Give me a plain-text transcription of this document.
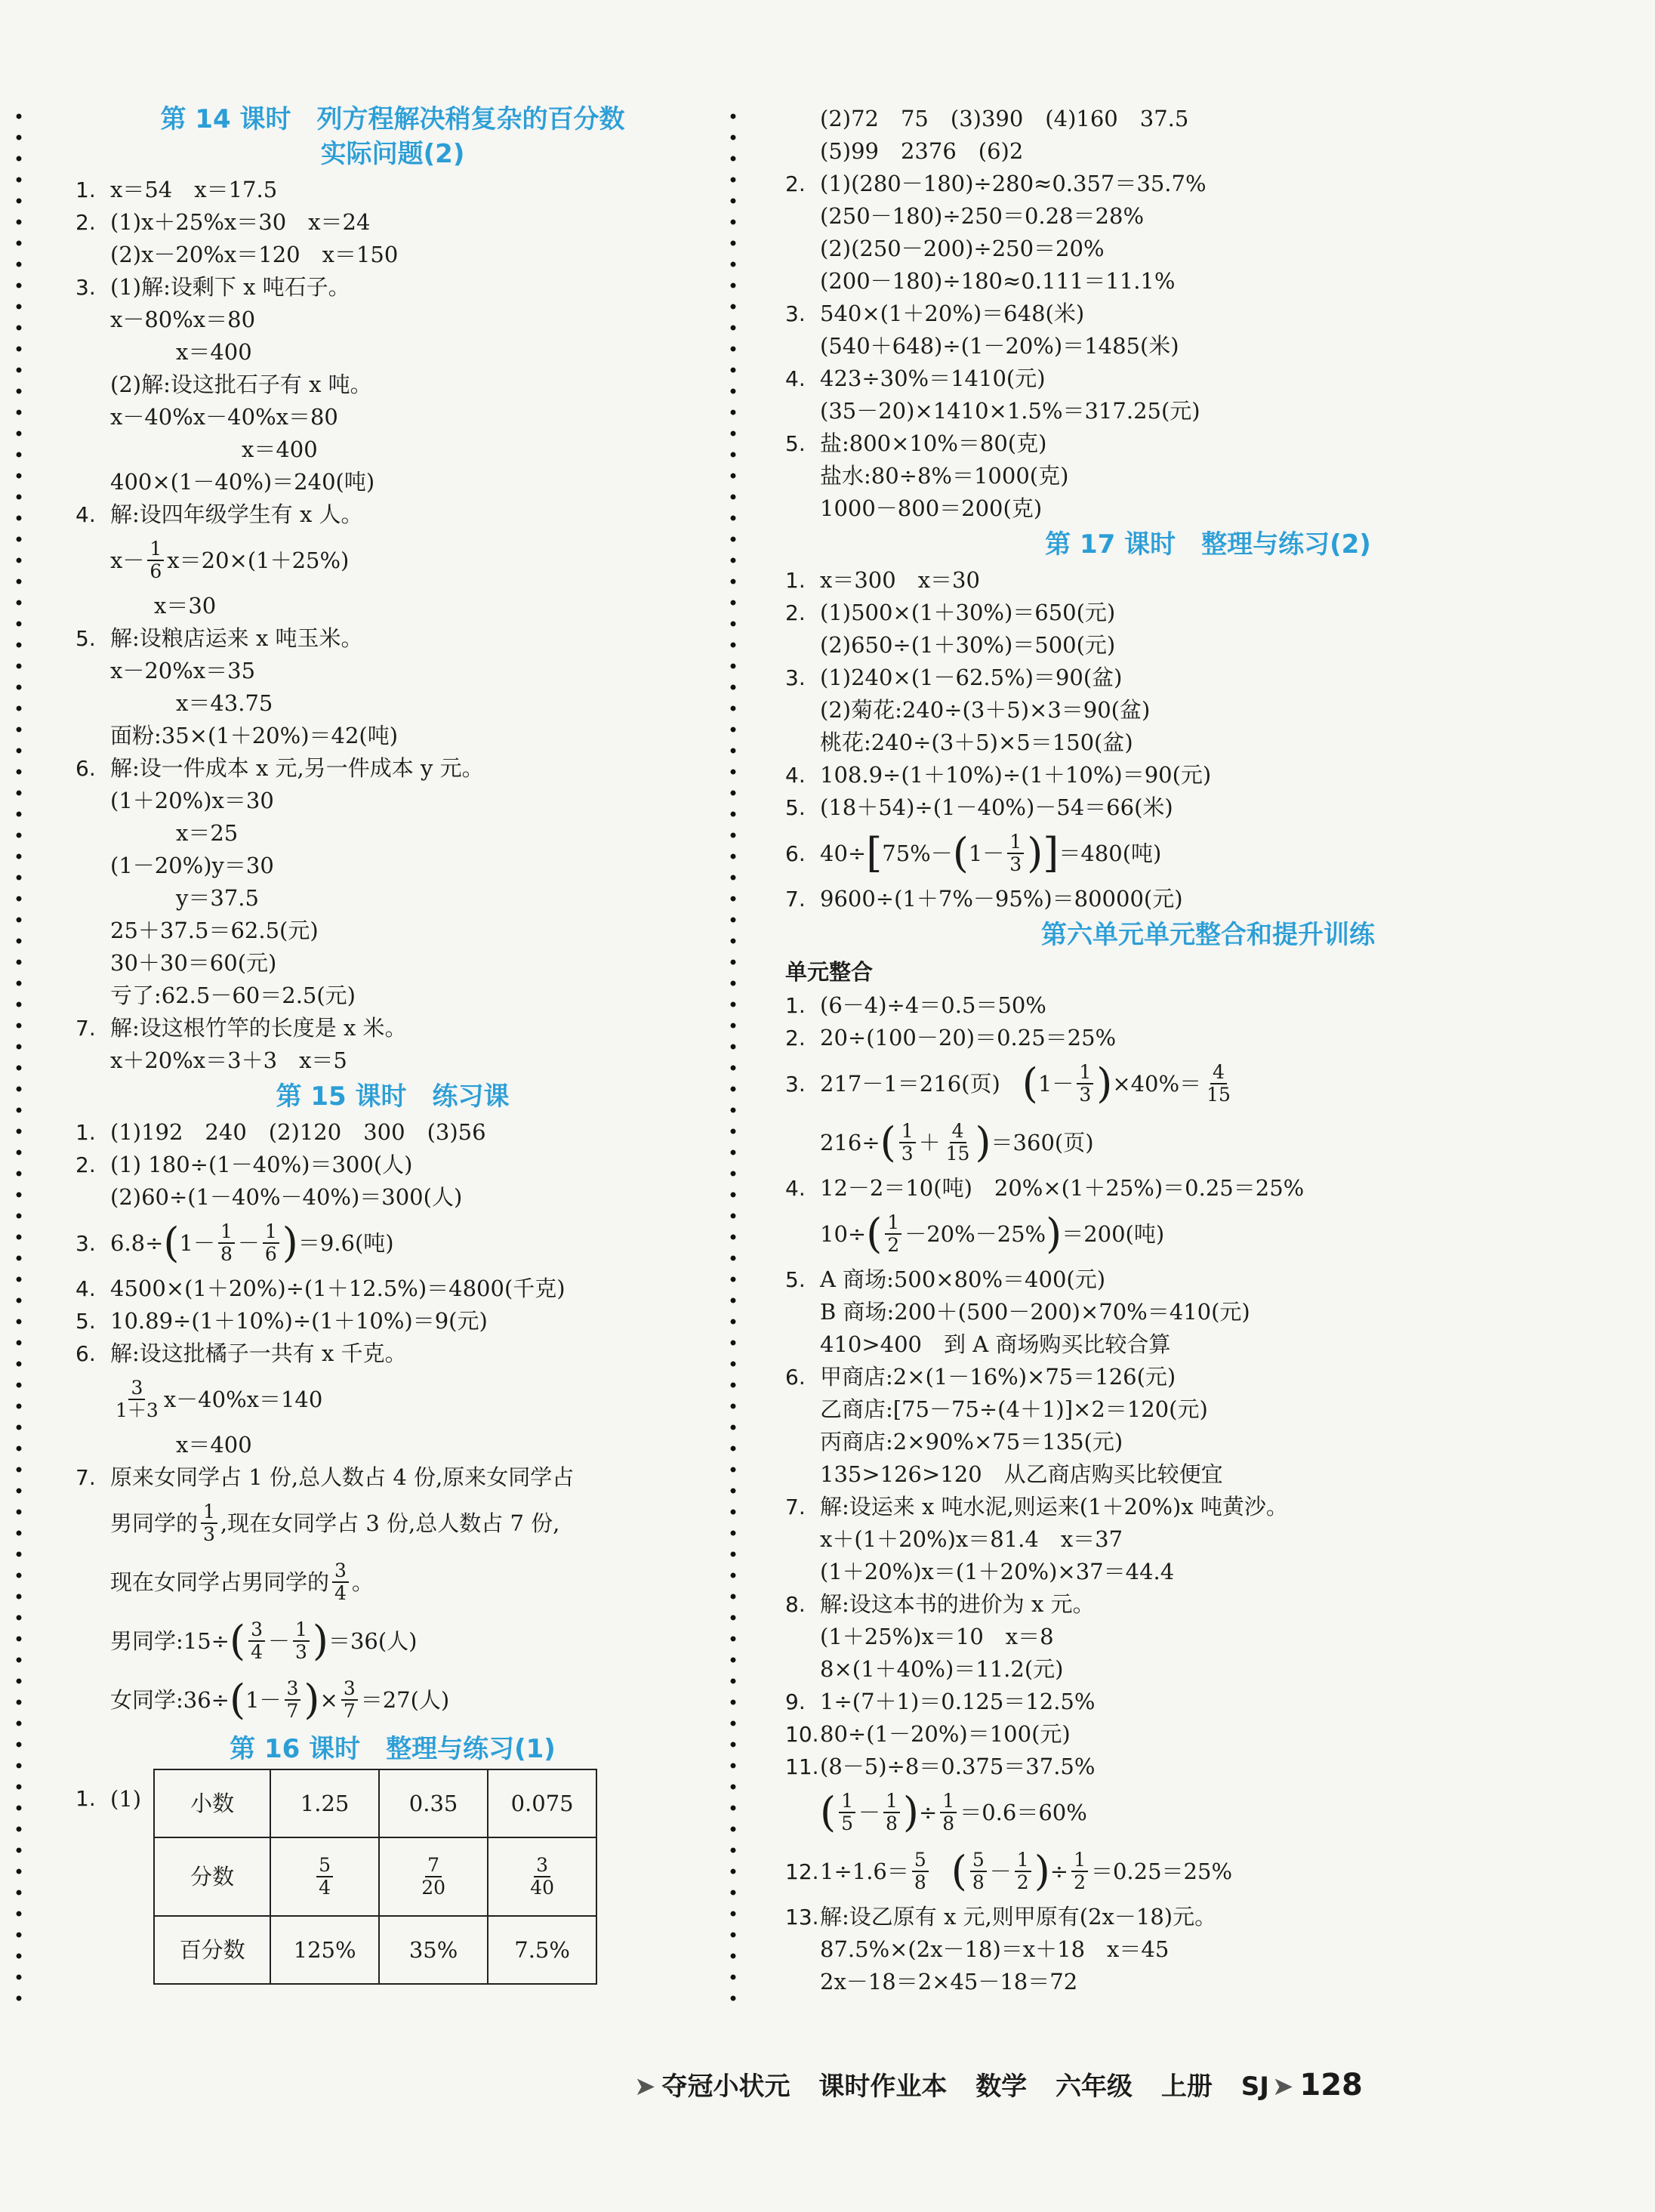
第 14 课时　列方程解决稍复杂的百分数
实际问题(2)
1. x＝54　x＝17.5
2. (1)x＋25%x＝30　x＝24
(2)x－20%x＝120　x＝150
3. (1)解:设剩下 x 吨石子。
x－80%x＝80
　　　x＝400
(2)解:设这批石子有 x 吨。
x－40%x－40%x＝80
　　　　　　x＝400
400×(1－40%)＝240(吨)
4. 解:设四年级学生有 x 人。
$x- \frac{1}{6} x=20\times(1+25\%)$
　　x＝30
5. 解:设粮店运来 x 吨玉米。
x－20%x＝35
　　　x＝43.75
面粉:35×(1＋20%)＝42(吨)
6. 解:设一件成本 x 元,另一件成本 y 元。
(1＋20%)x＝30
　　　x＝25
(1－20%)y＝30
　　　y＝37.5
25＋37.5＝62.5(元)
30＋30＝60(元)
亏了:62.5－60＝2.5(元)
7. 解:设这根竹竿的长度是 x 米。
x＋20%x＝3＋3　x＝5
第 15 课时　练习课
1. (1)192　240　(2)120　300　(3)56
2. (1) 180÷(1－40%)＝300(人)
(2)60÷(1－40%－40%)＝300(人)
3. 6.8÷ ( $1- \frac{1}{8} - \frac{1}{6}$ ) ＝9.6(吨)
4. 4500×(1＋20%)÷(1＋12.5%)＝4800(千克)
5. 10.89÷(1＋10%)÷(1＋10%)＝9(元)
6. 解:设这批橘子一共有 x 千克。
$\frac{3}{1+3} x-40\%x=140$
　　　x＝400
7. 原来女同学占 1 份,总人数占 4 份,原来女同学占
男同学的 $\frac{1}{3}$ ,现在女同学占 3 份,总人数占 7 份,
现在女同学占男同学的 $\frac{3}{4}$ 。
男同学:15÷ ( $\frac{3}{4} - \frac{1}{3}$ ) ＝36(人)
女同学:36÷ ( $1- \frac{3}{7}$ ) × $\frac{3}{7} =27$(人)
第 16 课时　整理与练习(1)
1. (1) 小数	1.25	0.35	0.075
分数	$\frac{5}{4}$	$\frac{7}{20}$	$\frac{3}{40}$

百分数	125%	35%	7.5%
(2)72　75　(3)390　(4)160　37.5
(5)99　2376　(6)2
2. (1)(280－180)÷280≈0.357＝35.7%
(250－180)÷250＝0.28＝28%
(2)(250－200)÷250＝20%
(200－180)÷180≈0.111＝11.1%
3. 540×(1＋20%)＝648(米)
(540＋648)÷(1－20%)＝1485(米)
4. 423÷30%＝1410(元)
(35－20)×1410×1.5%＝317.25(元)
5. 盐:800×10%＝80(克)
盐水:80÷8%＝1000(克)
1000－800＝200(克)
第 17 课时　整理与练习(2)
1. x＝300　x＝30
2. (1)500×(1＋30%)＝650(元)
(2)650÷(1＋30%)＝500(元)
3. (1)240×(1－62.5%)＝90(盆)
(2)菊花:240÷(3＋5)×3＝90(盆)
桃花:240÷(3＋5)×5＝150(盆)
4. 108.9÷(1＋10%)÷(1＋10%)＝90(元)
5. (18＋54)÷(1－40%)－54＝66(米)
6. 40÷ [ 75%－ ( $1- \frac{1}{3}$ ) ] ＝480(吨)
7. 9600÷(1＋7%－95%)＝80000(元)
第六单元单元整合和提升训练
单元整合
1. (6－4)÷4＝0.5＝50%
2. 20÷(100－20)＝0.25＝25%
3. 217－1＝216(页)　 ( $1- \frac{1}{3}$ ) $\times 40\%= \frac{4}{15}$
216÷ ( $\frac{1}{3} + \frac{4}{15}$ ) ＝360(页)
4. 12－2＝10(吨)　20%×(1＋25%)＝0.25＝25%
10÷ ( $\frac{1}{2} -20\%-25\%$ ) ＝200(吨)
5. A 商场:500×80%＝400(元)
B 商场:200＋(500－200)×70%＝410(元)
410>400　到 A 商场购买比较合算
6. 甲商店:2×(1－16%)×75＝126(元)
乙商店:[75－75÷(4＋1)]×2＝120(元)
丙商店:2×90%×75＝135(元)
135>126>120　从乙商店购买比较便宜
7. 解:设运来 x 吨水泥,则运来(1＋20%)x 吨黄沙。
x＋(1＋20%)x＝81.4　x＝37
(1＋20%)x＝(1＋20%)×37＝44.4
8. 解:设这本书的进价为 x 元。
(1＋25%)x＝10　x＝8
8×(1＋40%)＝11.2(元)
9. 1÷(7＋1)＝0.125＝12.5%
10. 80÷(1－20%)＝100(元)
11. (8－5)÷8＝0.375＝37.5%
( $\frac{1}{5} - \frac{1}{8}$ ) ÷ $\frac{1}{8} =0.6=60\%$
12. $1\div 1.6= \frac{5}{8}$ ( $\frac{5}{8} - \frac{1}{2}$ ) ÷ $\frac{1}{2} =0.25=25\%$
13. 解:设乙原有 x 元,则甲原有(2x－18)元。
87.5%×(2x－18)＝x＋18　x＝45
2x－18＝2×45－18＝72
➤ 夺冠小状元 课时作业本 数学 六年级 上册 SJ ➤ 128
